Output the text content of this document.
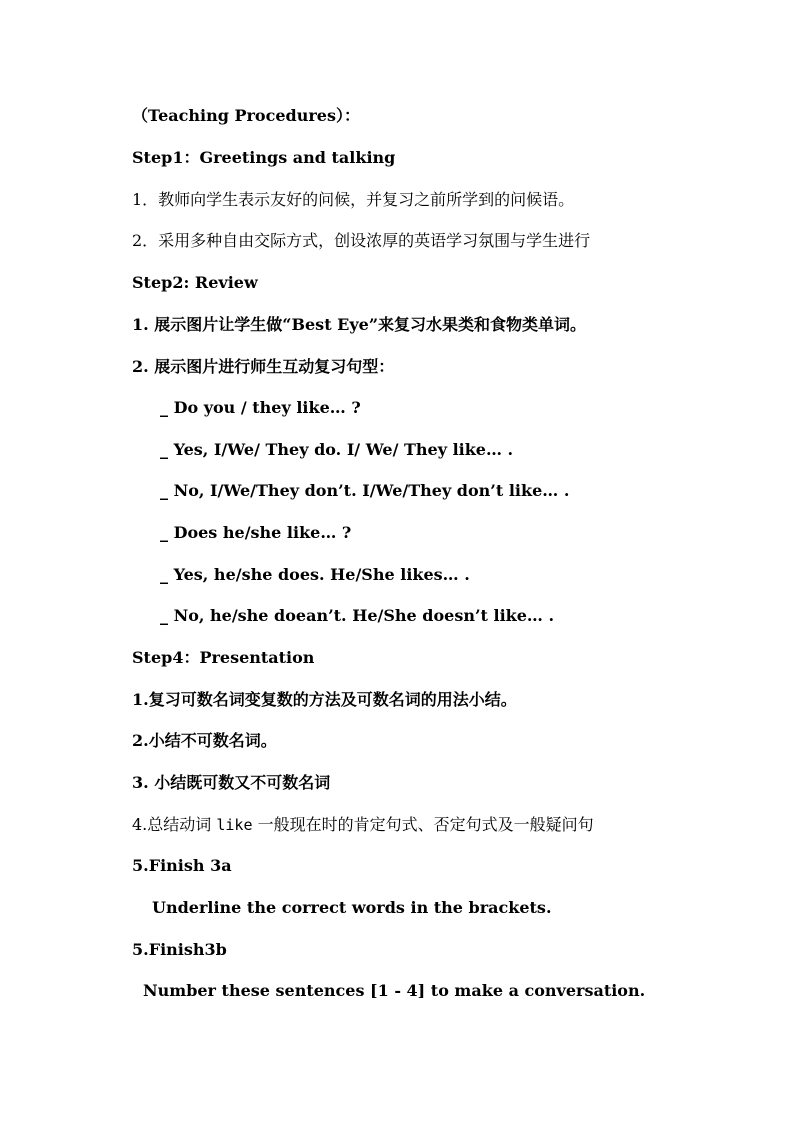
（Teaching Procedures）：
Step1：Greetings and talking
1．教师向学生表示友好的问候，并复习之前所学到的问候语。
2．采用多种自由交际方式，创设浓厚的英语学习氛围与学生进行
Step2: Review
1. 展示图片让学生做“Best Eye”来复习水果类和食物类单词。
2. 展示图片进行师生互动复习句型：
_ Do you / they like… ?
_ Yes, I/We/ They do. I/ We/ They like… .
_ No, I/We/They don’t. I/We/They don’t like… .
_ Does he/she like… ?
_ Yes, he/she does. He/She likes… .
_ No, he/she doean’t. He/She doesn’t like… .
Step4：Presentation
1.复习可数名词变复数的方法及可数名词的用法小结。
2.小结不可数名词。
3. 小结既可数又不可数名词
4.总结动词 like 一般现在时的肯定句式、否定句式及一般疑问句
5.Finish 3a
Underline the correct words in the brackets.
5.Finish3b
Number these sentences [1 - 4] to make a conversation.
